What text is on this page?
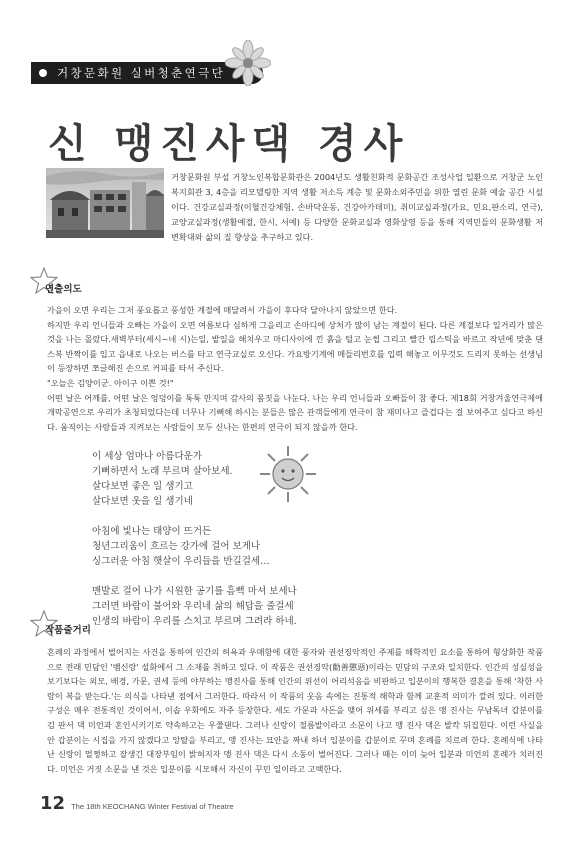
거창문화원 실버청춘연극단
신 맹진사댁 경사
거창문화원 부설 거창노인복합문화관은 2004년도 생활친화적 문화공간 조성사업 일환으로 거창군 노인복지회관 3, 4층을 리모델링한 지역 생활 저소득 계층 및 문화소외주민을 위한 열린 문화 예술 공간 시설이다. 건강교실과정(이혈건강체험, 손바닥운동, 건강아카데미), 취미교실과정(가요, 민요,판소리, 연극), 교양교실과정(생활예절, 한시, 서예) 등 다양한 문화교실과 영화상영 등을 통해 지역민들의 문화생활 저변확대와 삶의 질 향상을 추구하고 있다.
연출의도

가을이 오면 우리는 그저 풍요롭고 풍성한 계절에 매달려서 가을이 후다닥 달아나지 않았으면 한다.

하지만 우리 언니들과 오빠는 가을이 오면 여름보다 심하게 그을리고 손마디에 상처가 많이 남는 계절이 된다. 다른 계절보다 일거리가 많은 것을 나는 몰랐다.새벽부터(세시~네 시)는일, 밭일을 해치우고 마디사이에 낀 흙을 털고 눈썹 그리고 빨간 립스틱을 바르고 작년에 맞춘 댄스복 반짝이를 입고 읍내로 나오는 버스를 타고 연극교실로 오신다. 가요방기계에 메들리번호를 입력 해놓고 이무것도 드리지 못하는 선생님이 등장하면 쪼글해진 손으로 커피를 타서 주신다.

"오늘은 김양이군. 아이구 이쁜 것!"

어떤 날은 어깨를, 어떤 날은 엉덩이를 툭툭 만지며 감사의 몸짓을 나눈다. 나는 우리 언니들과 오빠들이 참 좋다. 제18회 거창겨울연극제에 개막공연으로 우리가 초청되었다는데 너무나 기뻐해 하시는 분들은 많은 관객들에게 연극이 참 재미나고 즐겁다는 걸 보여주고 싶다고 하신다. 움직이는 사람들과 지켜보는 사람들이 모두 신나는 한편의 연극이 되지 않을까 한다.

이 세상 엄마나 아름다운가

기뻐하면서 노래 부르며 살아보세.

살다보면 좋은 일 생기고

살다보면 웃을 일 생기네

아침에 빛나는 태양이 뜨거든

청년그리움이 흐르는 강가에 걸어 보게나

싱그러운 아침 햇살이 우리들을 반길걸세…

맨발로 걸어 나가 시원한 공기를 흠뻑 마셔 보세나

그러면 바람이 불어와 우리네 삶의 해답을 줄걸세

인생의 바람이 우리를 스치고 부르며 그려라 하네.

작품줄거리

혼례의 과정에서 벌어지는 사건을 통하여 인간의 허욕과 우매함에 대한 풍자와 권선징악적인 주제를 해학적인 요소를 통하여 형상화한 작품으로 전래 민담인 '뱀신랑' 설화에서 그 소재를 취하고 있다. 이 작품은 권선징악(勸善懲惡)이라는 민담의 구조와 일치한다. 인간의 성실성을 보기보다는 외모, 배경, 가문, 권세 등에 야부하는 맹진사를 통해 인간의 위선이 어리석음을 비판하고 입분이의 행복한 결혼을 통해 '착한 사람이 복을 받는다.'는 의식을 나타낸 점에서 그러한다. 따라서 이 작품의 웃음 속에는 진통적 해학과 함께 교훈적 의미가 깔려 있다. 이러한 구성은 매우 전통적인 것이어서, 이솝 우화에도 자주 등장한다. 세도 가문과 사돈을 맺어 위세를 부리고 싶은 맹 진사는 무남독녀 갑분이를 김 판서 댁 미언과 혼인시키기로 약속하고는 우쭐댄다. 그러나 신랑이 절름발이라고 소문이 나고 맹 진사 댁은 발칵 뒤집힌다. 이런 사실을 안 갑분이는 시집을 가지 않겠다고 앙탈을 부리고, 맹 진사는 묘안을 짜내 하녀 입분이를 갑분이로 꾸며 혼례를 치르려 한다. 혼례식에 나타난 신랑이 멀쩡하고 잘생긴 대장부임이 밝혀지자 맹 진사 댁은 다시 소동이 벌어진다. 그러나 때는 이미 늦어 입분과 미언의 혼례가 치러진다. 미언은 거짓 소문을 낸 것은 입분이를 시모해서 자신이 꾸민 일이라고 고백한다.

12 The 18th KEOCHANG Winter Festival of Theatre
